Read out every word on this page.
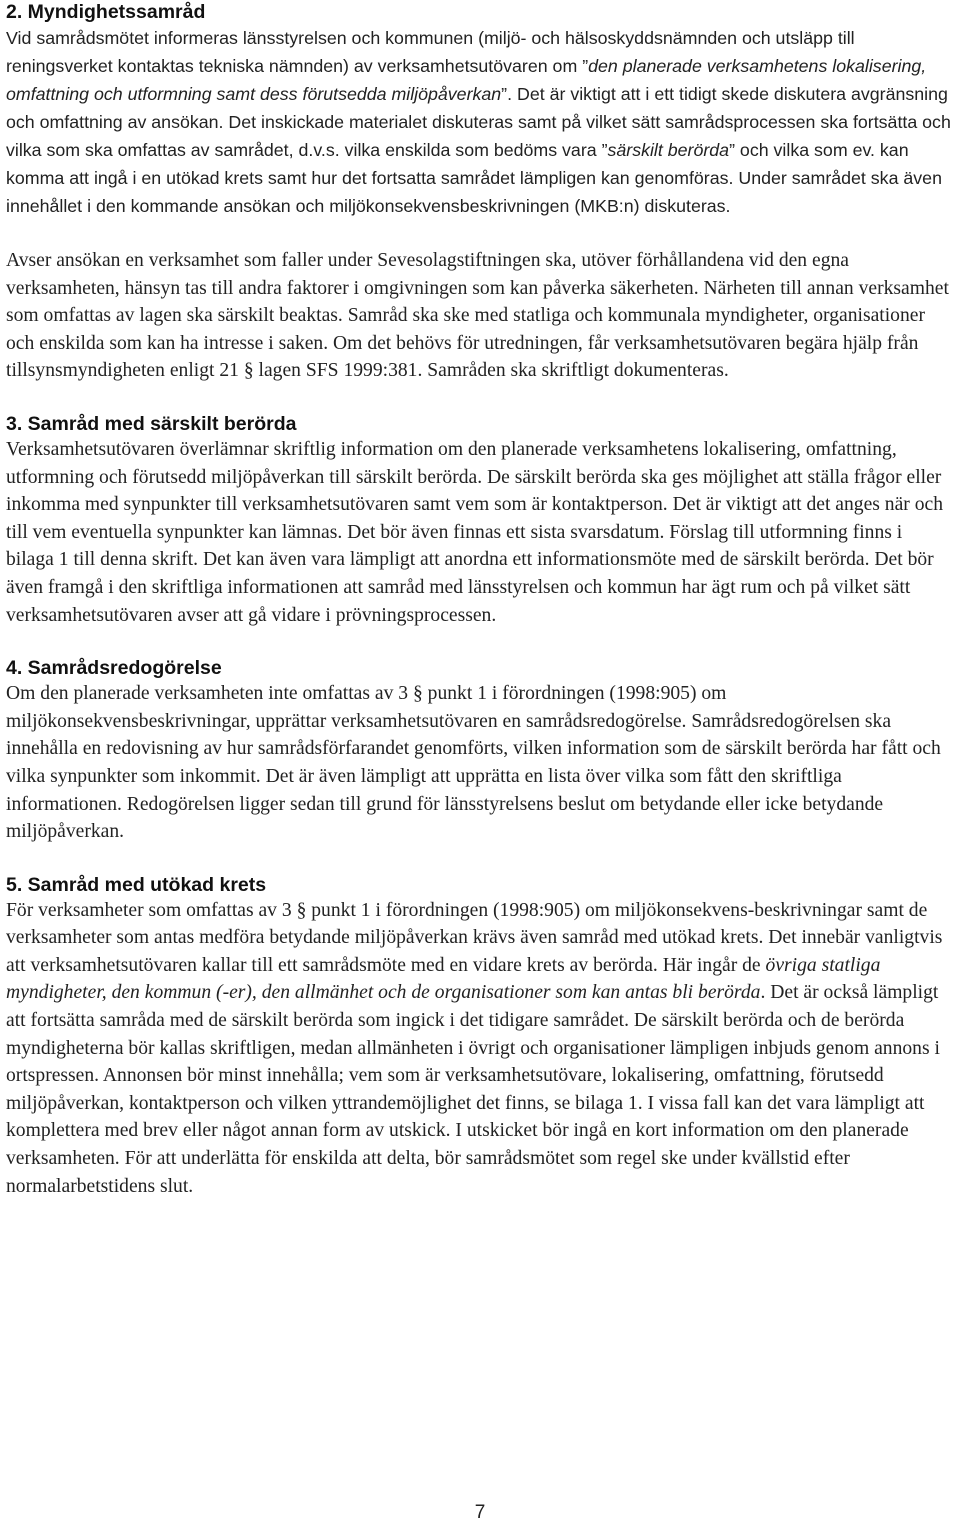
2. Myndighetssamråd

Vid samrådsmötet informeras länsstyrelsen och kommunen (miljö- och hälsoskyddsnämnden och utsläpp till reningsverket kontaktas tekniska nämnden) av verksamhetsutövaren om ”den planerade verksamhetens lokalisering, omfattning och utformning samt dess förutsedda miljöpåverkan”. Det är viktigt att i ett tidigt skede diskutera avgränsning och omfattning av ansökan. Det inskickade materialet diskuteras samt på vilket sätt samrådsprocessen ska fortsätta och vilka som ska omfattas av samrådet, d.v.s. vilka enskilda som bedöms vara ”särskilt berörda” och vilka som ev. kan komma att ingå i en utökad krets samt hur det fortsatta samrådet lämpligen kan genomföras. Under samrådet ska även innehållet i den kommande ansökan och miljökonsekvensbeskrivningen (MKB:n) diskuteras.

Avser ansökan en verksamhet som faller under Sevesolagstiftningen ska, utöver förhållandena vid den egna verksamheten, hänsyn tas till andra faktorer i omgivningen som kan påverka säkerheten. Närheten till annan verksamhet som omfattas av lagen ska särskilt beaktas. Samråd ska ske med statliga och kommunala myndigheter, organisationer och enskilda som kan ha intresse i saken. Om det behövs för utredningen, får verksamhetsutövaren begära hjälp från tillsynsmyndigheten enligt 21 § lagen SFS 1999:381. Samråden ska skriftligt dokumenteras.

3. Samråd med särskilt berörda

Verksamhetsutövaren överlämnar skriftlig information om den planerade verksamhetens lokalisering, omfattning, utformning och förutsedd miljöpåverkan till särskilt berörda. De särskilt berörda ska ges möjlighet att ställa frågor eller inkomma med synpunkter till verksamhetsutövaren samt vem som är kontaktperson. Det är viktigt att det anges när och till vem eventuella synpunkter kan lämnas. Det bör även finnas ett sista svarsdatum. Förslag till utformning finns i bilaga 1 till denna skrift. Det kan även vara lämpligt att anordna ett informationsmöte med de särskilt berörda. Det bör även framgå i den skriftliga informationen att samråd med länsstyrelsen och kommun har ägt rum och på vilket sätt verksamhetsutövaren avser att gå vidare i prövningsprocessen.

4. Samrådsredogörelse

Om den planerade verksamheten inte omfattas av 3 § punkt 1 i förordningen (1998:905) om miljökonsekvensbeskrivningar, upprättar verksamhetsutövaren en samrådsredogörelse. Samrådsredogörelsen ska innehålla en redovisning av hur samrådsförfarandet genomförts, vilken information som de särskilt berörda har fått och vilka synpunkter som inkommit. Det är även lämpligt att upprätta en lista över vilka som fått den skriftliga informationen. Redogörelsen ligger sedan till grund för länsstyrelsens beslut om betydande eller icke betydande miljöpåverkan.

5. Samråd med utökad krets

För verksamheter som omfattas av 3 § punkt 1 i förordningen (1998:905) om miljökonsekvens-beskrivningar samt de verksamheter som antas medföra betydande miljöpåverkan krävs även samråd med utökad krets. Det innebär vanligtvis att verksamhetsutövaren kallar till ett samrådsmöte med en vidare krets av berörda. Här ingår de övriga statliga myndigheter, den kommun (-er), den allmänhet och de organisationer som kan antas bli berörda. Det är också lämpligt att fortsätta samråda med de särskilt berörda som ingick i det tidigare samrådet. De särskilt berörda och de berörda myndigheterna bör kallas skriftligen, medan allmänheten i övrigt och organisationer lämpligen inbjuds genom annons i ortspressen. Annonsen bör minst innehålla; vem som är verksamhetsutövare, lokalisering, omfattning, förutsedd miljöpåverkan, kontaktperson och vilken yttrandemöjlighet det finns, se bilaga 1. I vissa fall kan det vara lämpligt att komplettera med brev eller något annan form av utskick. I utskicket bör ingå en kort information om den planerade verksamheten. För att underlätta för enskilda att delta, bör samrådsmötet som regel ske under kvällstid efter normalarbetstidens slut.

7
